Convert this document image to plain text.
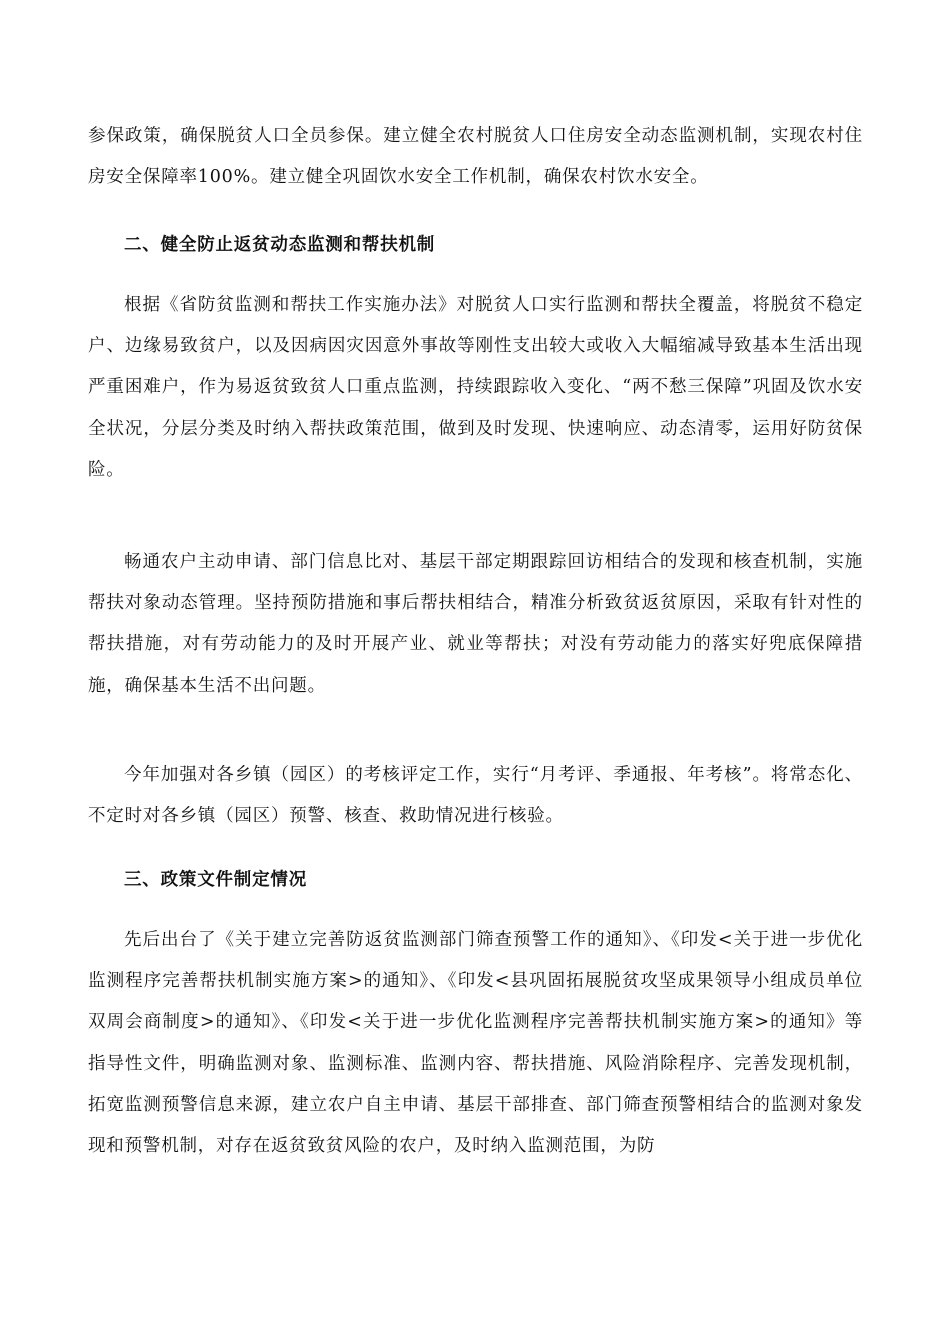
参保政策，确保脱贫人口全员参保。建立健全农村脱贫人口住房安全动态监测机制，实现农村住房安全保障率100%。建立健全巩固饮水安全工作机制，确保农村饮水安全。

二、健全防止返贫动态监测和帮扶机制

根据《省防贫监测和帮扶工作实施办法》对脱贫人口实行监测和帮扶全覆盖，将脱贫不稳定户、边缘易致贫户，以及因病因灾因意外事故等刚性支出较大或收入大幅缩减导致基本生活出现严重困难户，作为易返贫致贫人口重点监测，持续跟踪收入变化、“两不愁三保障”巩固及饮水安全状况，分层分类及时纳入帮扶政策范围，做到及时发现、快速响应、动态清零，运用好防贫保险。

畅通农户主动申请、部门信息比对、基层干部定期跟踪回访相结合的发现和核查机制，实施帮扶对象动态管理。坚持预防措施和事后帮扶相结合，精准分析致贫返贫原因，采取有针对性的帮扶措施，对有劳动能力的及时开展产业、就业等帮扶；对没有劳动能力的落实好兜底保障措施，确保基本生活不出问题。

今年加强对各乡镇（园区）的考核评定工作，实行“月考评、季通报、年考核”。将常态化、不定时对各乡镇（园区）预警、核查、救助情况进行核验。

三、政策文件制定情况

先后出台了《关于建立完善防返贫监测部门筛查预警工作的通知》、《印发<关于进一步优化监测程序完善帮扶机制实施方案>的通知》、《印发<县巩固拓展脱贫攻坚成果领导小组成员单位双周会商制度>的通知》、《印发<关于进一步优化监测程序完善帮扶机制实施方案>的通知》等指导性文件，明确监测对象、监测标准、监测内容、帮扶措施、风险消除程序、完善发现机制，拓宽监测预警信息来源，建立农户自主申请、基层干部排查、部门筛查预警相结合的监测对象发现和预警机制，对存在返贫致贫风险的农户，及时纳入监测范围，为防
